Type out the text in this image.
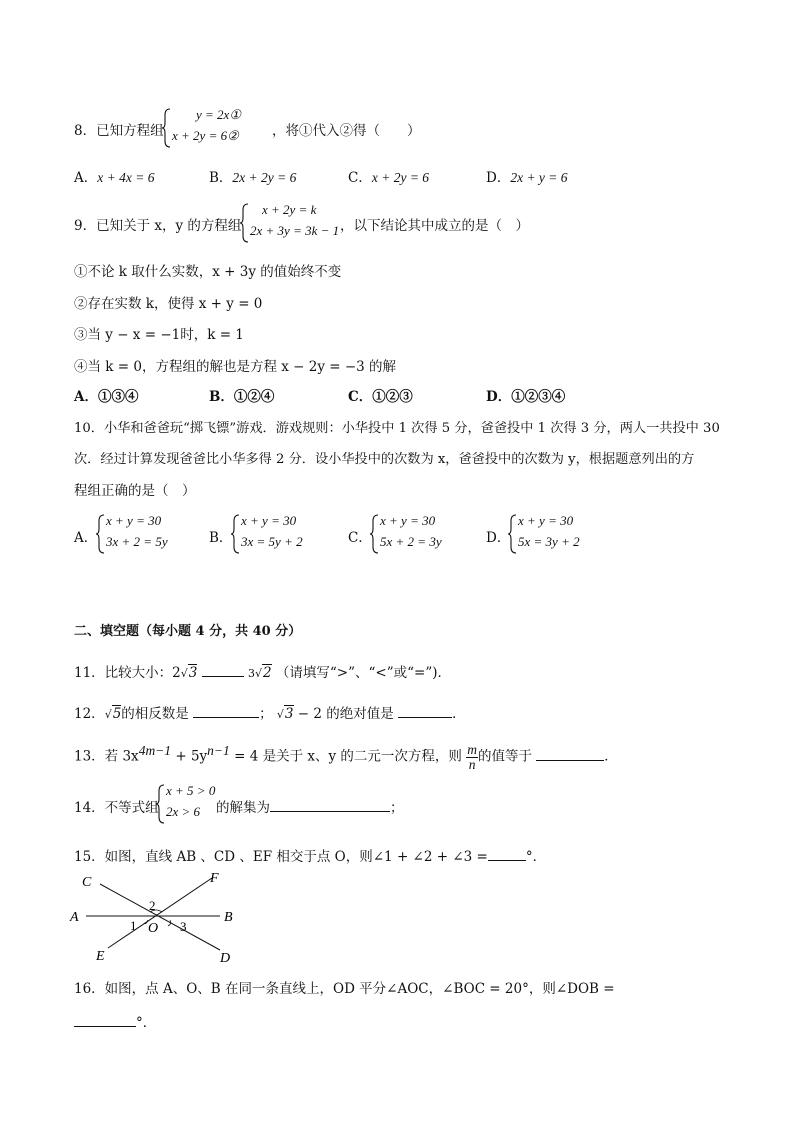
8．已知方程组
y = 2x①
x + 2y = 6② ，将①代入②得（　　）
A．x + 4x = 6	B．2x + 2y = 6	C．x + 2y = 6	D．2x + y = 6
9．已知关于 x，y 的方程组
x + 2y = k
2x + 3y = 3k − 1 ，以下结论其中成立的是（　）
①不论 k 取什么实数，x + 3y 的值始终不变
②存在实数 k，使得 x + y = 0
③当 y − x = −1时，k = 1
④当 k = 0，方程组的解也是方程 x − 2y = −3 的解
A．①③④	B．①②④	C．①②③	D．①②③④
10．小华和爸爸玩“掷飞镖”游戏．游戏规则：小华投中 1 次得 5 分，爸爸投中 1 次得 3 分，两人一共投中 30
次．经过计算发现爸爸比小华多得 2 分．设小华投中的次数为 x，爸爸投中的次数为 y，根据题意列出的方
程组正确的是（　）
A．
x + y = 30
3x + 2 = 5y	B．
x + y = 30
3x = 5y + 2	C．
x + y = 30
5x + 2 = 3y	D．
x + y = 30
5x = 3y + 2
二、填空题（每小题 4 分，共 40 分）
11．比较大小：2√3	3√2 （请填写“>”、“<”或“=”)．
12．√5的相反数是	； √3 − 2 的绝对值是	．
13．若 $3x^{4m-1} + 5y^{n-1} = 4$ 是关于 x、y 的二元一次方程，则 $\frac{m}{n}$ 的值等于	．
14．不等式组
x + 5 > 0
2x > 6 的解集为	；
15．如图，直线 AB 、CD 、EF 相交于点 O，则∠1 + ∠2 + ∠3 =	°．
C	F
A	B
E	D
O
1
2
3
16．如图，点 A、O、B 在同一条直线上，OD 平分∠AOC，∠BOC = 20°，则∠DOB =
°．
